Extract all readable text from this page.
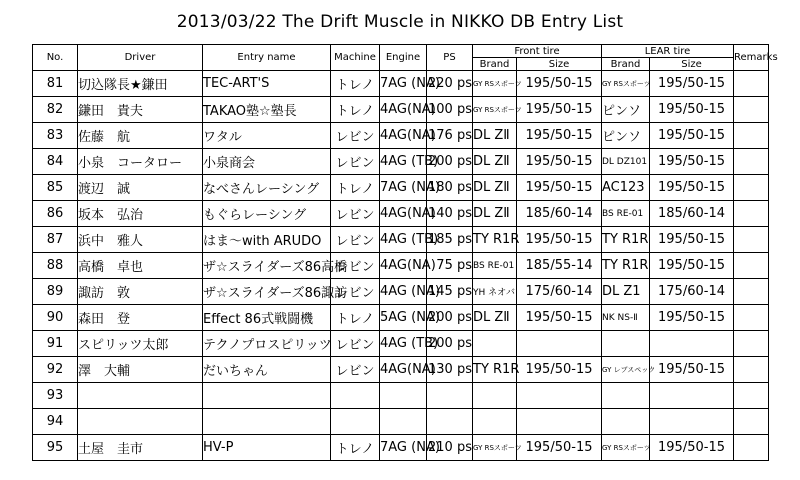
2013/03/22 The Drift Muscle in NIKKO DB Entry List
No.	Driver	Entry name	Machine	Engine	PS	Front tire		LEAR tire		Remarks
						Brand	Size	Brand	Size	
81	切込隊長★鎌田	TEC-ART'S	トレノ	7AG (NA)	220 ps	GY RSスポーツ	195/50-15	GY RSスポーツ	195/50-15	
82	鎌田　貴夫	TAKAO塾☆塾長	トレノ	4AG(NA)	100 ps	GY RSスポーツ	195/50-15	ピンソ	195/50-15	
83	佐藤　航	ワタル	レビン	4AG(NA)	176 ps	DL ZⅡ	195/50-15	ピンソ	195/50-15	
84	小泉　コータロー	小泉商会	レビン	4AG (TB)	200 ps	DL ZⅡ	195/50-15	DL DZ101	195/50-15	
85	渡辺　誠	なべさんレーシング	トレノ	7AG (NA)	180 ps	DL ZⅡ	195/50-15	AC123	195/50-15	
86	坂本　弘治	もぐらレーシング	レビン	4AG(NA)	140 ps	DL ZⅡ	185/60-14	BS RE-01	185/60-14	
87	浜中　雅人	はま～with ARUDO	レビン	4AG (TB)	185 ps	TY R1R	195/50-15	TY R1R	195/50-15	
88	高橋　卓也	ザ☆スライダーズ86高橋	レビン	4AG(NA)	75 ps	BS RE-01	185/55-14	TY R1R	195/50-15	
89	諏訪　敦	ザ☆スライダーズ86諏訪	レビン	4AG (NA)	145 ps	YH ネオバ	175/60-14	DL Z1	175/60-14	
90	森田　登	Effect 86式戦闘機	トレノ	5AG (NA)	200 ps	DL ZⅡ	195/50-15	NK NS-Ⅱ	195/50-15	
91	スピリッツ太郎	テクノプロスピリッツ	レビン	4AG (TB)	200 ps					
92	澤　大輔	だいちゃん	レビン	4AG(NA)	130 ps	TY R1R	195/50-15	GY レブスペック	195/50-15	
93										
94										
95	土屋　圭市	HV-P	トレノ	7AG (NA)	210 ps	GY RSスポーツ	195/50-15	GY RSスポーツ	195/50-15	
